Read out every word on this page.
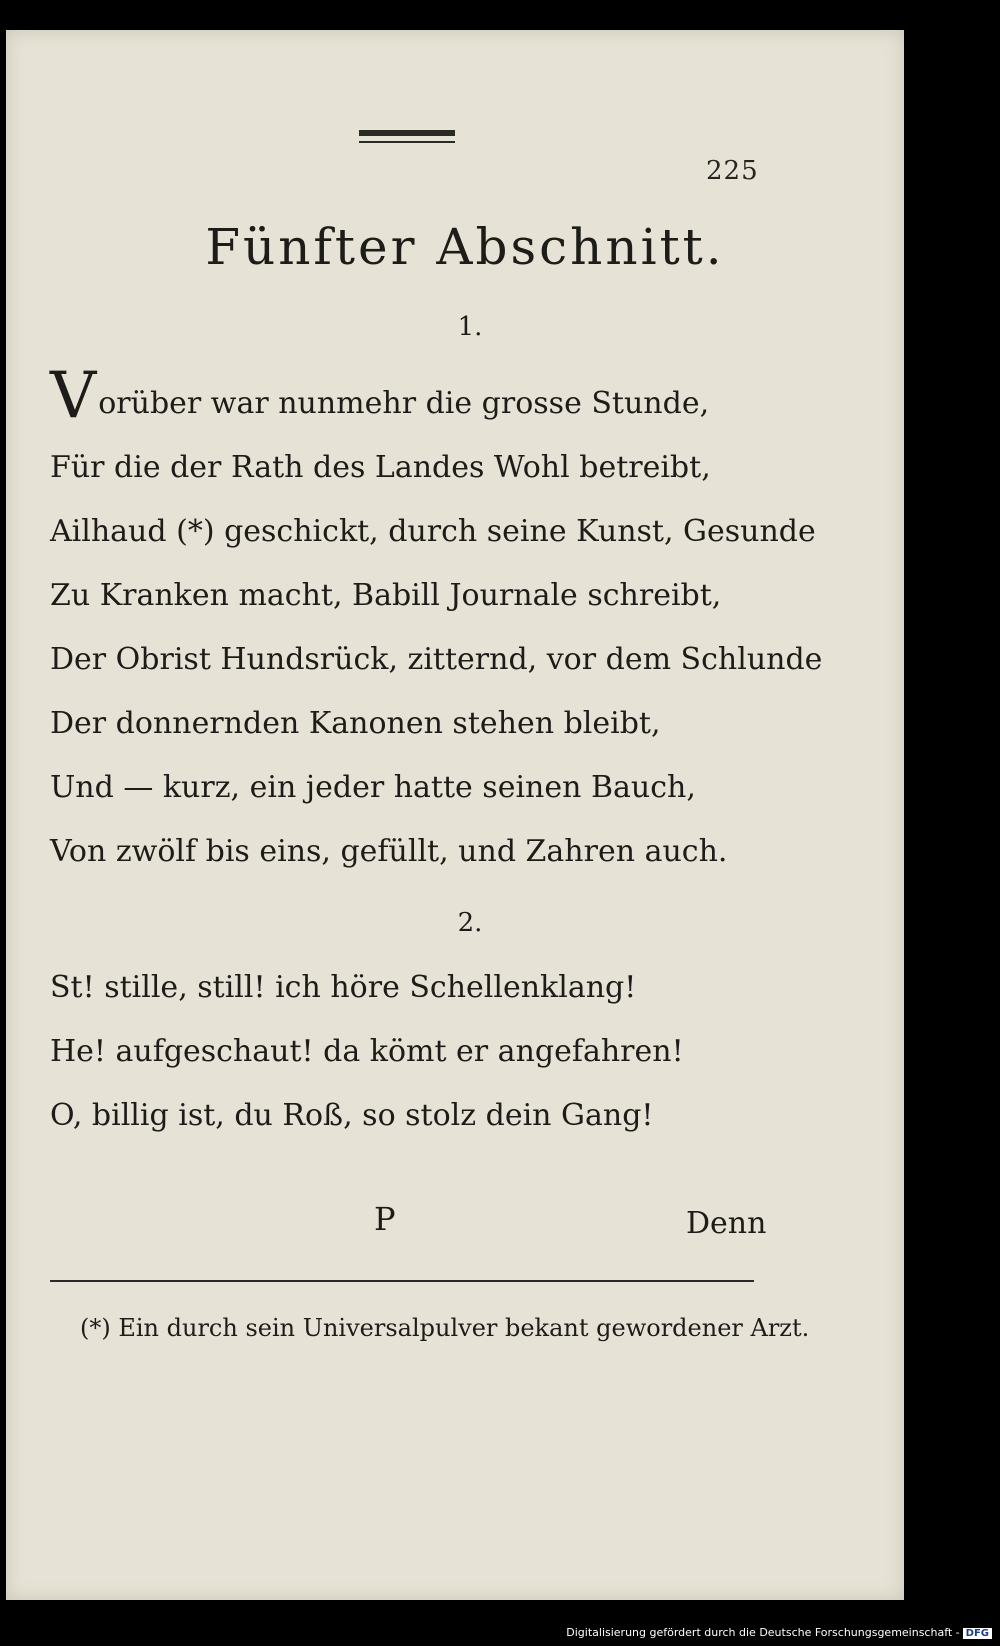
225
Fünfter Abschnitt.
1.
Vorüber war nunmehr die grosse Stunde,
Für die der Rath des Landes Wohl betreibt,
Ailhaud (*) geschickt, durch seine Kunst, Gesunde
Zu Kranken macht, Babill Journale schreibt,
Der Obrist Hundsrück, zitternd, vor dem Schlunde
Der donnernden Kanonen stehen bleibt,
Und — kurz, ein jeder hatte seinen Bauch,
Von zwölf bis eins, gefüllt, und Zahren auch.
2.
St! stille, still! ich höre Schellenklang!
He! aufgeschaut! da kömt er angefahren!
O, billig ist, du Roß, so stolz dein Gang!
P	Denn
(*) Ein durch sein Universalpulver bekant gewordener Arzt.
Digitalisierung gefördert durch die Deutsche Forschungsgemeinschaft - DFG
